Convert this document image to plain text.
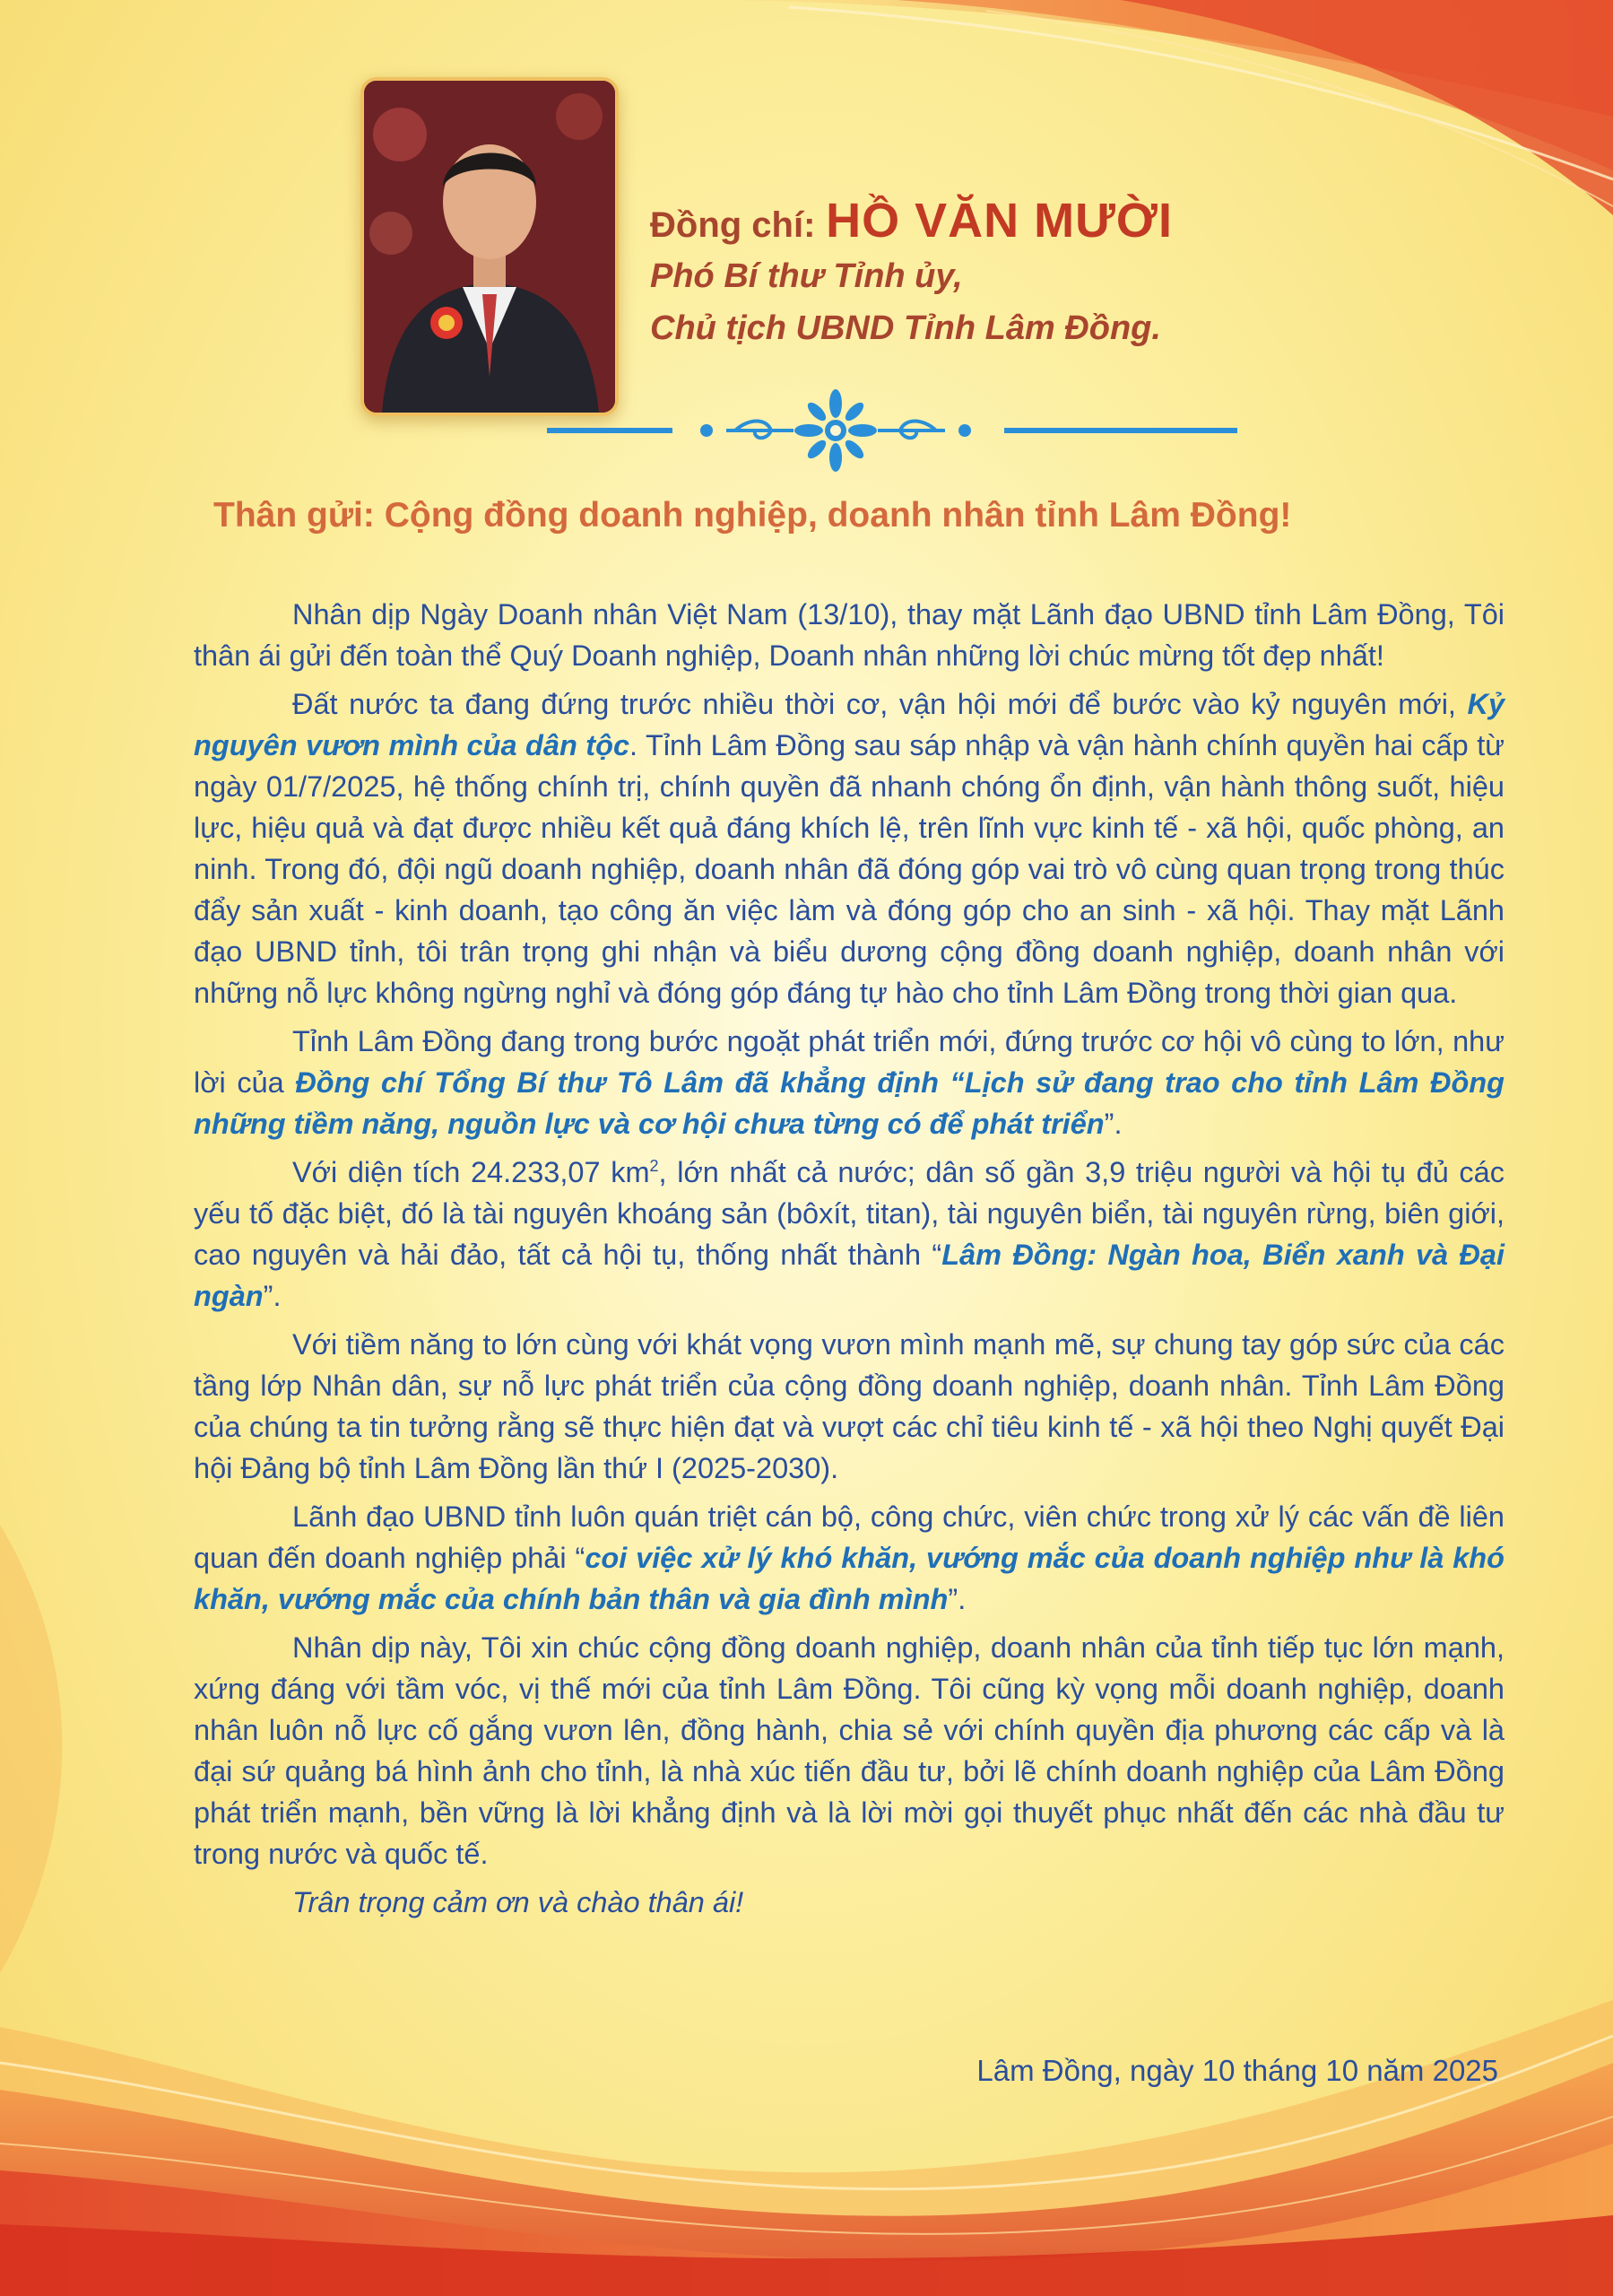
Đồng chí: HỒ VĂN MƯỜI
Phó Bí thư Tỉnh ủy,
Chủ tịch UBND Tỉnh Lâm Đồng.
Thân gửi: Cộng đồng doanh nghiệp, doanh nhân tỉnh Lâm Đồng!

Nhân dịp Ngày Doanh nhân Việt Nam (13/10), thay mặt Lãnh đạo UBND tỉnh Lâm Đồng, Tôi thân ái gửi đến toàn thể Quý Doanh nghiệp, Doanh nhân những lời chúc mừng tốt đẹp nhất!

Đất nước ta đang đứng trước nhiều thời cơ, vận hội mới để bước vào kỷ nguyên mới, Kỷ nguyên vươn mình của dân tộc. Tỉnh Lâm Đồng sau sáp nhập và vận hành chính quyền hai cấp từ ngày 01/7/2025, hệ thống chính trị, chính quyền đã nhanh chóng ổn định, vận hành thông suốt, hiệu lực, hiệu quả và đạt được nhiều kết quả đáng khích lệ, trên lĩnh vực kinh tế - xã hội, quốc phòng, an ninh. Trong đó, đội ngũ doanh nghiệp, doanh nhân đã đóng góp vai trò vô cùng quan trọng trong thúc đẩy sản xuất - kinh doanh, tạo công ăn việc làm và đóng góp cho an sinh - xã hội. Thay mặt Lãnh đạo UBND tỉnh, tôi trân trọng ghi nhận và biểu dương cộng đồng doanh nghiệp, doanh nhân với những nỗ lực không ngừng nghỉ và đóng góp đáng tự hào cho tỉnh Lâm Đồng trong thời gian qua.

Tỉnh Lâm Đồng đang trong bước ngoặt phát triển mới, đứng trước cơ hội vô cùng to lớn, như lời của Đồng chí Tổng Bí thư Tô Lâm đã khẳng định “Lịch sử đang trao cho tỉnh Lâm Đồng những tiềm năng, nguồn lực và cơ hội chưa từng có để phát triển”.

Với diện tích 24.233,07 $km^2$, lớn nhất cả nước; dân số gần 3,9 triệu người và hội tụ đủ các yếu tố đặc biệt, đó là tài nguyên khoáng sản (bôxít, titan), tài nguyên biển, tài nguyên rừng, biên giới, cao nguyên và hải đảo, tất cả hội tụ, thống nhất thành “Lâm Đồng: Ngàn hoa, Biển xanh và Đại ngàn”.

Với tiềm năng to lớn cùng với khát vọng vươn mình mạnh mẽ, sự chung tay góp sức của các tầng lớp Nhân dân, sự nỗ lực phát triển của cộng đồng doanh nghiệp, doanh nhân. Tỉnh Lâm Đồng của chúng ta tin tưởng rằng sẽ thực hiện đạt và vượt các chỉ tiêu kinh tế - xã hội theo Nghị quyết Đại hội Đảng bộ tỉnh Lâm Đồng lần thứ I (2025-2030).

Lãnh đạo UBND tỉnh luôn quán triệt cán bộ, công chức, viên chức trong xử lý các vấn đề liên quan đến doanh nghiệp phải “coi việc xử lý khó khăn, vướng mắc của doanh nghiệp như là khó khăn, vướng mắc của chính bản thân và gia đình mình”.

Nhân dịp này, Tôi xin chúc cộng đồng doanh nghiệp, doanh nhân của tỉnh tiếp tục lớn mạnh, xứng đáng với tầm vóc, vị thế mới của tỉnh Lâm Đồng. Tôi cũng kỳ vọng mỗi doanh nghiệp, doanh nhân luôn nỗ lực cố gắng vươn lên, đồng hành, chia sẻ với chính quyền địa phương các cấp và là đại sứ quảng bá hình ảnh cho tỉnh, là nhà xúc tiến đầu tư, bởi lẽ chính doanh nghiệp của Lâm Đồng phát triển mạnh, bền vững là lời khẳng định và là lời mời gọi thuyết phục nhất đến các nhà đầu tư trong nước và quốc tế.

Trân trọng cảm ơn và chào thân ái!

Lâm Đồng, ngày 10 tháng 10 năm 2025
